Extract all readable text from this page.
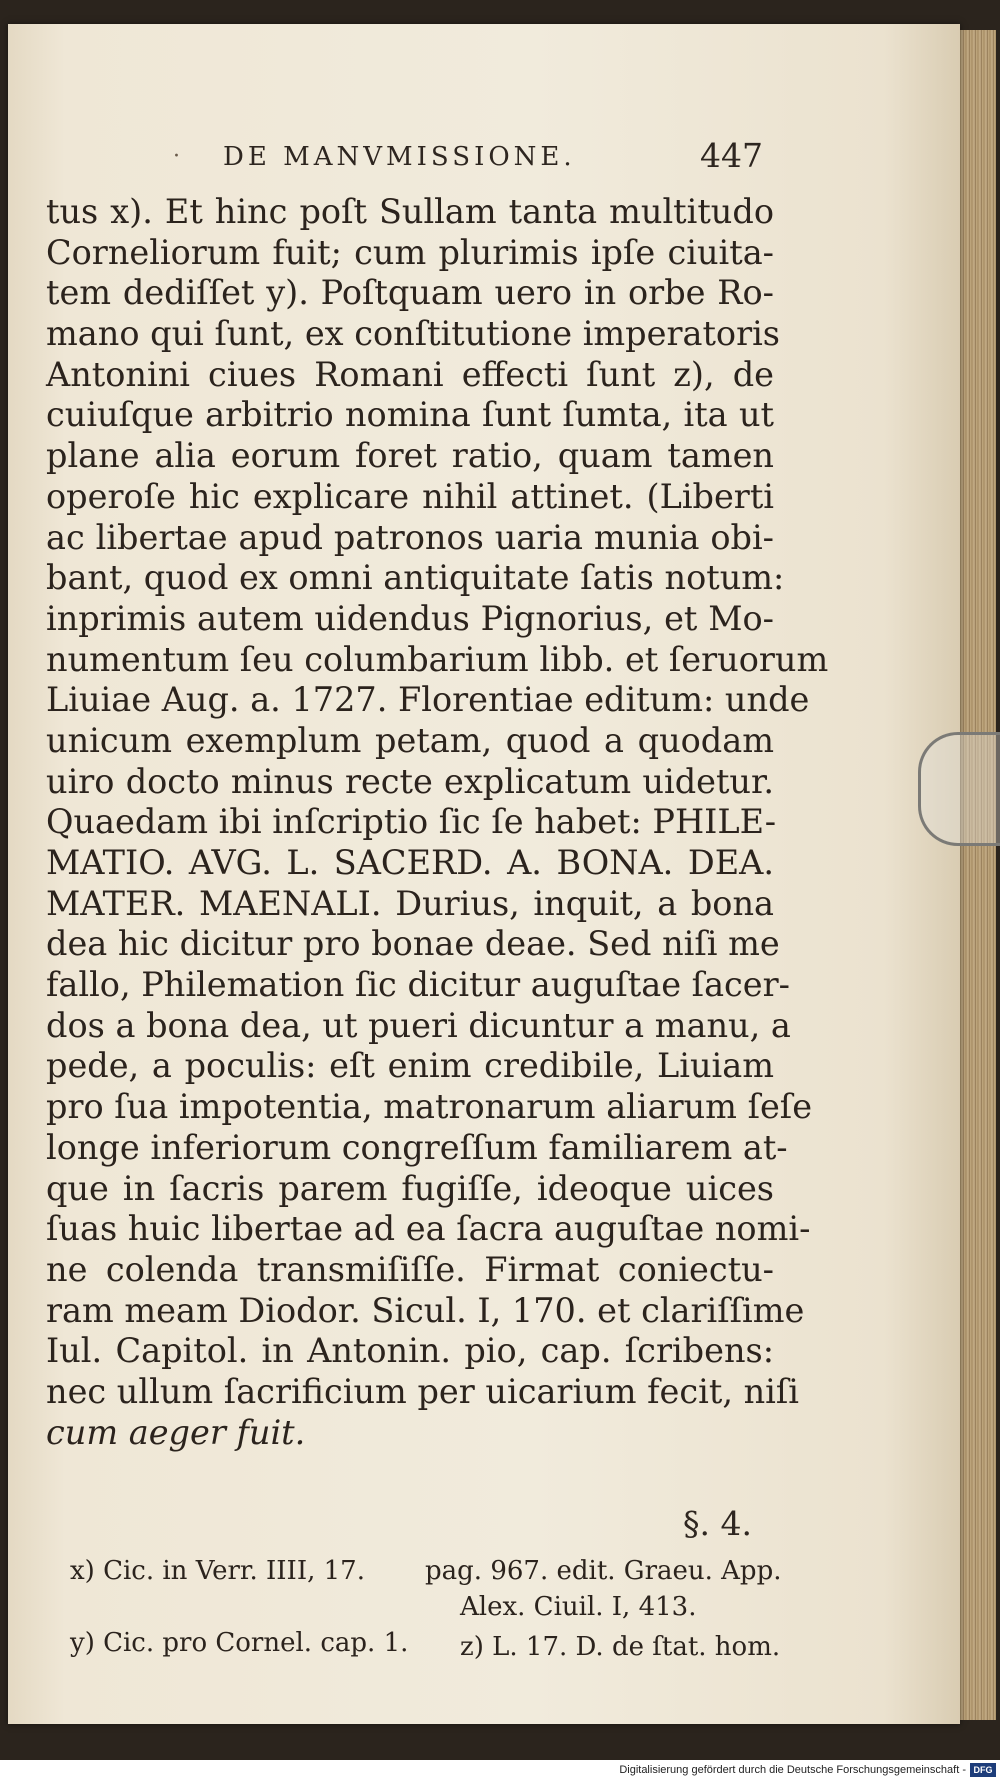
· DE MANVMISSIONE.	447
tus x). Et hinc poſt Sullam tanta multitudo
Corneliorum fuit; cum plurimis ipſe ciuita-
tem dediſſet y). Poſtquam uero in orbe Ro-
mano qui ſunt, ex conſtitutione imperatoris
Antonini ciues Romani effecti ſunt z), de
cuiuſque arbitrio nomina ſunt ſumta, ita ut
plane alia eorum foret ratio, quam tamen
operoſe hic explicare nihil attinet. (Liberti
ac libertae apud patronos uaria munia obi-
bant, quod ex omni antiquitate ſatis notum:
inprimis autem uidendus Pignorius, et Mo-
numentum ſeu columbarium libb. et ſeruorum
Liuiae Aug. a. 1727. Florentiae editum: unde
unicum exemplum petam, quod a quodam
uiro docto minus recte explicatum uidetur.
Quaedam ibi inſcriptio ſic ſe habet: PHILE-
MATIO. AVG. L. SACERD. A. BONA. DEA.
MATER. MAENALI. Durius, inquit, a bona
dea hic dicitur pro bonae deae. Sed niſi me
fallo, Philemation ſic dicitur auguſtae ſacer-
dos a bona dea, ut pueri dicuntur a manu, a
pede, a poculis: eſt enim credibile, Liuiam
pro ſua impotentia, matronarum aliarum ſeſe
longe inferiorum congreſſum familiarem at-
que in ſacris parem fugiſſe, ideoque uices
ſuas huic libertae ad ea ſacra auguſtae nomi-
ne colenda transmiſiſſe. Firmat coniectu-
ram meam Diodor. Sicul. I, 170. et clariſſime
Iul. Capitol. in Antonin. pio, cap. ſcribens:
nec ullum ſacrificium per uicarium fecit, niſi
cum aeger fuit.
§. 4.
x) Cic. in Verr. IIII, 17. pag. 967. edit. Graeu. App.
Alex. Ciuil. I, 413.
y) Cic. pro Cornel. cap. 1. z) L. 17. D. de ſtat. hom.
Digitalisierung gefördert durch die Deutsche Forschungsgemeinschaft - DFG
